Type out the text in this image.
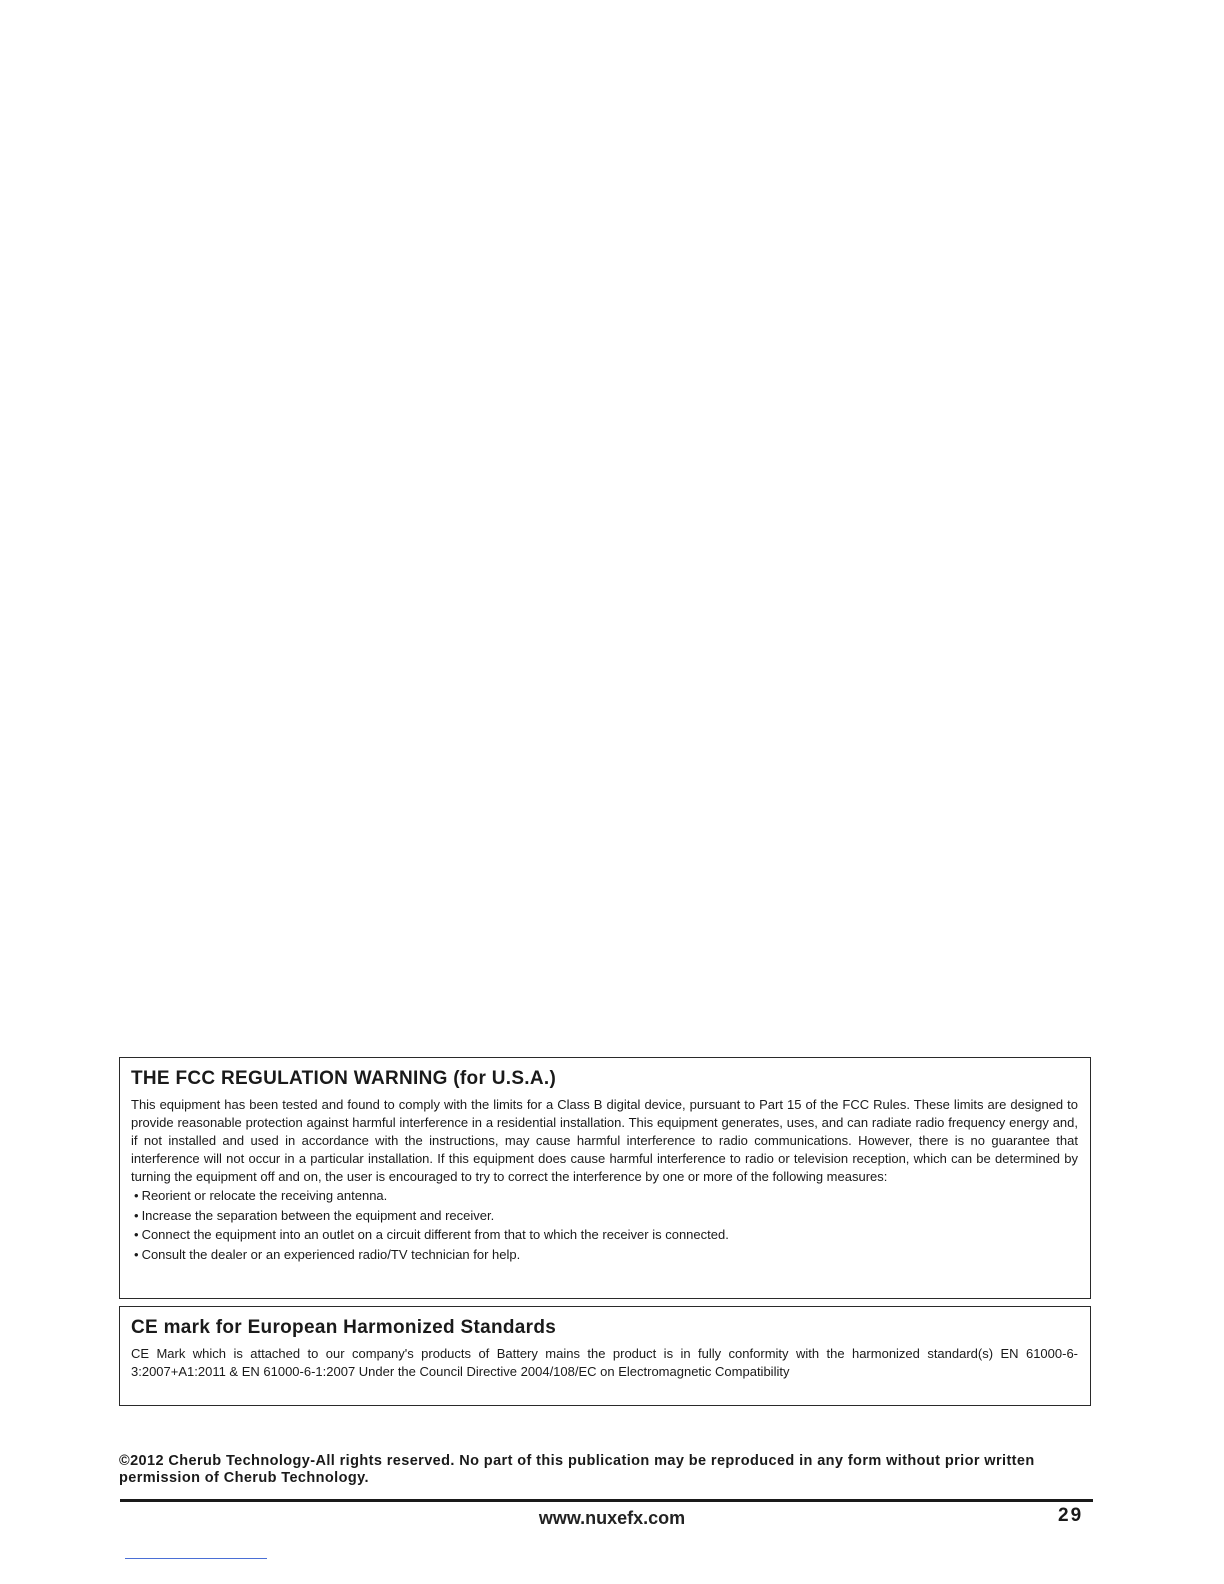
THE FCC REGULATION WARNING (for U.S.A.)

This equipment has been tested and found to comply with the limits for a Class B digital device, pursuant to Part 15 of the FCC Rules. These limits are designed to provide reasonable protection against harmful interference in a residential installation. This equipment generates, uses, and can radiate radio frequency energy and, if not installed and used in accordance with the instructions, may cause harmful interference to radio communications. However, there is no guarantee that interference will not occur in a particular installation. If this equipment does cause harmful interference to radio or television reception, which can be determined by turning the equipment off and on, the user is encouraged to try to correct the interference by one or more of the following measures:

• Reorient or relocate the receiving antenna.
• Increase the separation between the equipment and receiver.
• Connect the equipment into an outlet on a circuit different from that to which the receiver is connected.
• Consult the dealer or an experienced radio/TV technician for help.
CE mark for European Harmonized Standards

CE Mark which is attached to our company's products of Battery mains the product is in fully conformity with the harmonized standard(s) EN 61000-6-3:2007+A1:2011 & EN 61000-6-1:2007 Under the Council Directive 2004/108/EC on Electromagnetic Compatibility

©2012 Cherub Technology-All rights reserved. No part of this publication may be reproduced in any form without prior written permission of Cherub Technology.
www.nuxefx.com	29
